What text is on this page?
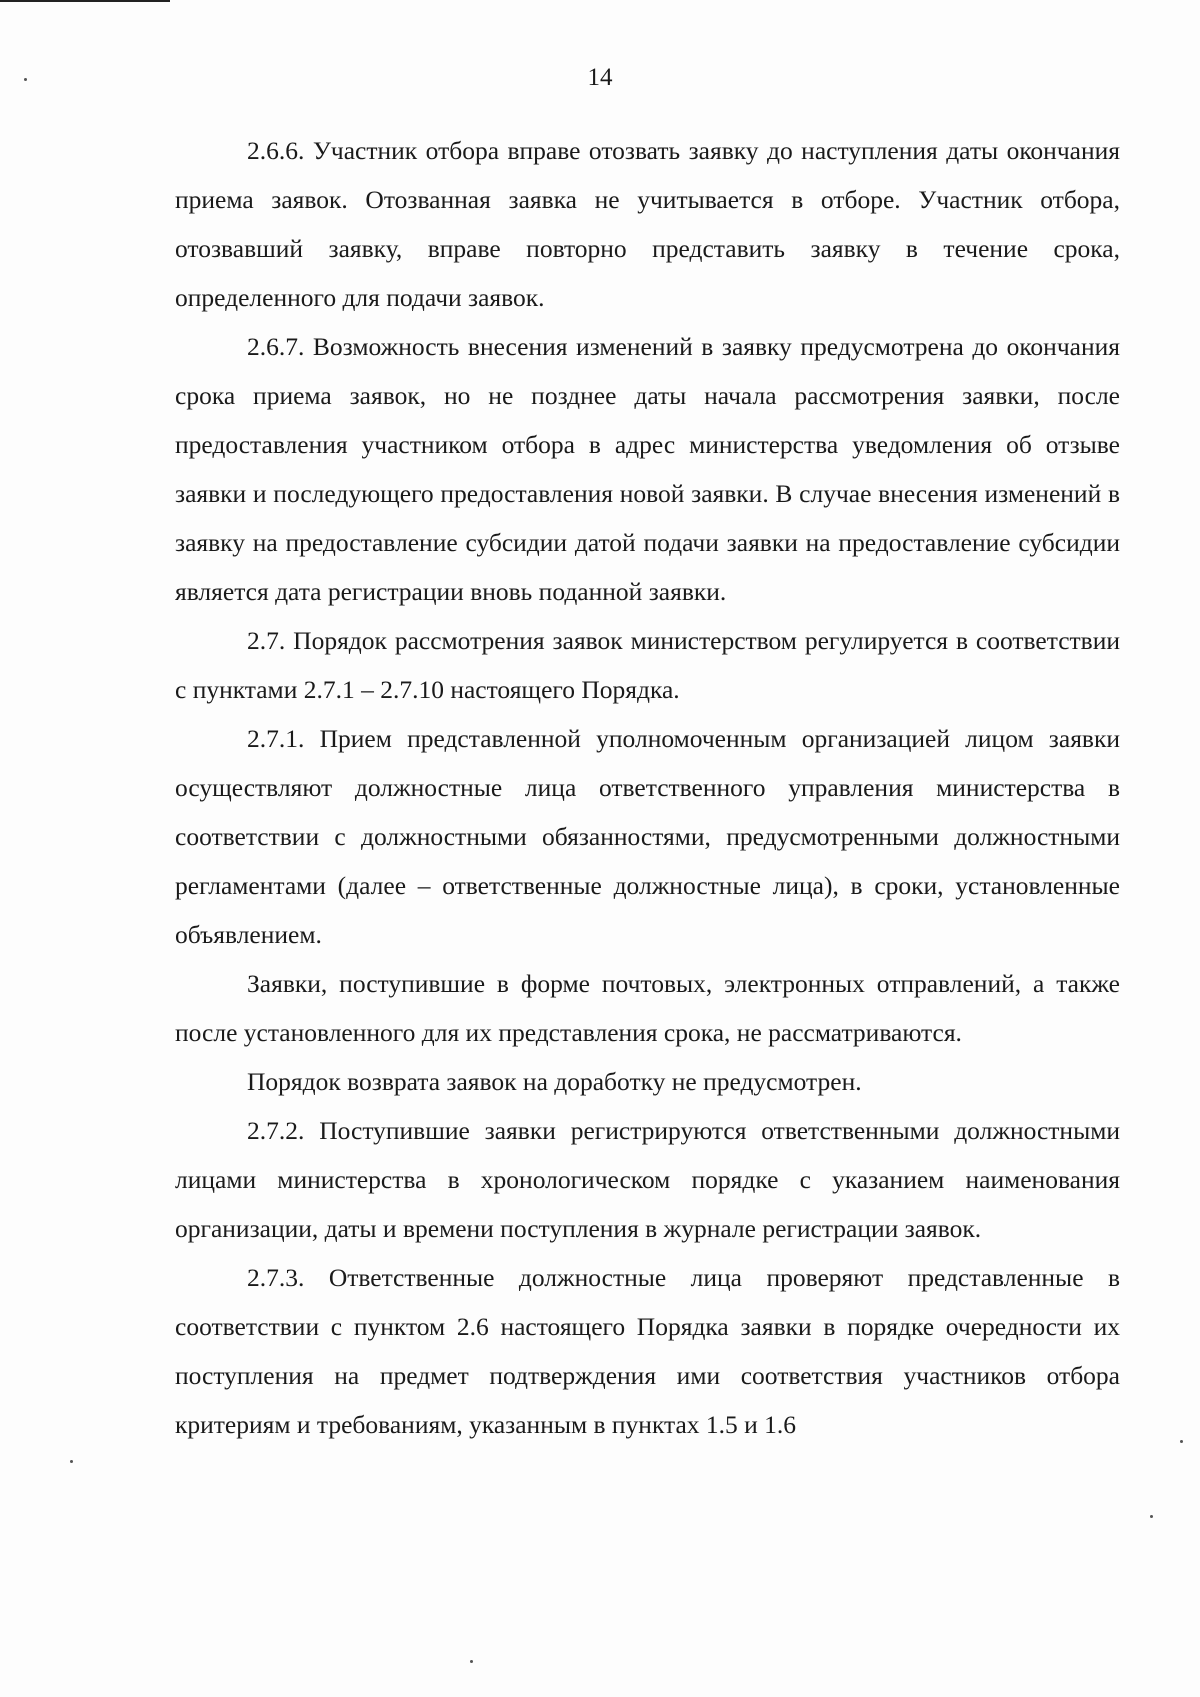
14

2.6.6. Участник отбора вправе отозвать заявку до наступления даты окончания приема заявок. Отозванная заявка не учитывается в отборе. Участник отбора, отозвавший заявку, вправе повторно представить заявку в течение срока, определенного для подачи заявок.

2.6.7. Возможность внесения изменений в заявку предусмотрена до окончания срока приема заявок, но не позднее даты начала рассмотрения заявки, после предоставления участником отбора в адрес министерства уведомления об отзыве заявки и последующего предоставления новой заявки. В случае внесения изменений в заявку на предоставление субсидии датой подачи заявки на предоставление субсидии является дата регистрации вновь поданной заявки.

2.7. Порядок рассмотрения заявок министерством регулируется в соответствии с пунктами 2.7.1 – 2.7.10 настоящего Порядка.

2.7.1. Прием представленной уполномоченным организацией лицом заявки осуществляют должностные лица ответственного управления министерства в соответствии с должностными обязанностями, предусмотренными должностными регламентами (далее – ответственные должностные лица), в сроки, установленные объявлением.

Заявки, поступившие в форме почтовых, электронных отправлений, а также после установленного для их представления срока, не рассматриваются.

Порядок возврата заявок на доработку не предусмотрен.

2.7.2. Поступившие заявки регистрируются ответственными должностными лицами министерства в хронологическом порядке с указанием наименования организации, даты и времени поступления в журнале регистрации заявок.

2.7.3. Ответственные должностные лица проверяют представленные в соответствии с пунктом 2.6 настоящего Порядка заявки в порядке очередности их поступления на предмет подтверждения ими соответствия участников отбора критериям и требованиям, указанным в пунктах 1.5 и 1.6
